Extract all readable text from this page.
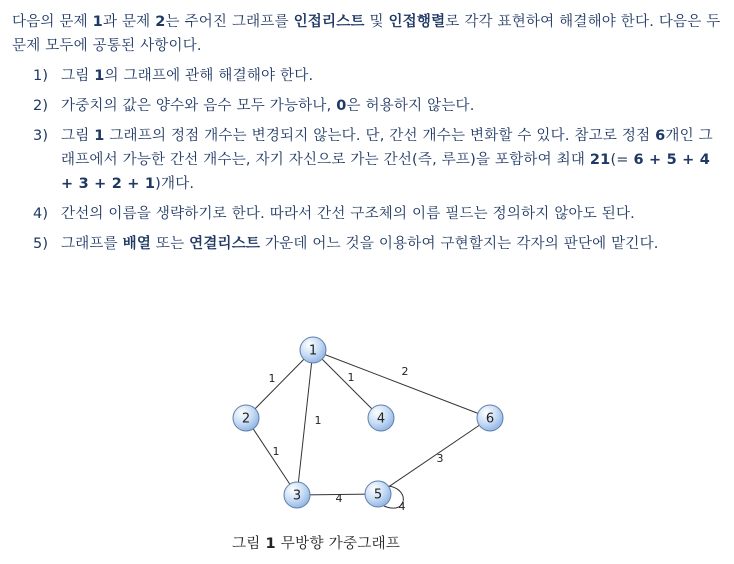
다음의 문제 1과 문제 2는 주어진 그래프를 인접리스트 및 인접행렬로 각각 표현하여 해결해야 한다. 다음은 두 문제 모두에 공통된 사항이다.
1) 그림 1의 그래프에 관해 해결해야 한다.
2) 가중치의 값은 양수와 음수 모두 가능하나, 0은 허용하지 않는다.
3) 그림 1 그래프의 정점 개수는 변경되지 않는다. 단, 간선 개수는 변화할 수 있다. 참고로 정점 6개인 그래프에서 가능한 간선 개수는, 자기 자신으로 가는 간선(즉, 루프)을 포함하여 최대 21(= 6 + 5 + 4 + 3 + 2 + 1)개다.
4) 간선의 이름을 생략하기로 한다. 따라서 간선 구조체의 이름 필드는 정의하지 않아도 된다.
5) 그래프를 배열 또는 연결리스트 가운데 어느 것을 이용하여 구현할지는 각자의 판단에 맡긴다.
1
1
1	2
1
4
3
4
1
2
3
4
5
6
그림 1 무방향 가중그래프
